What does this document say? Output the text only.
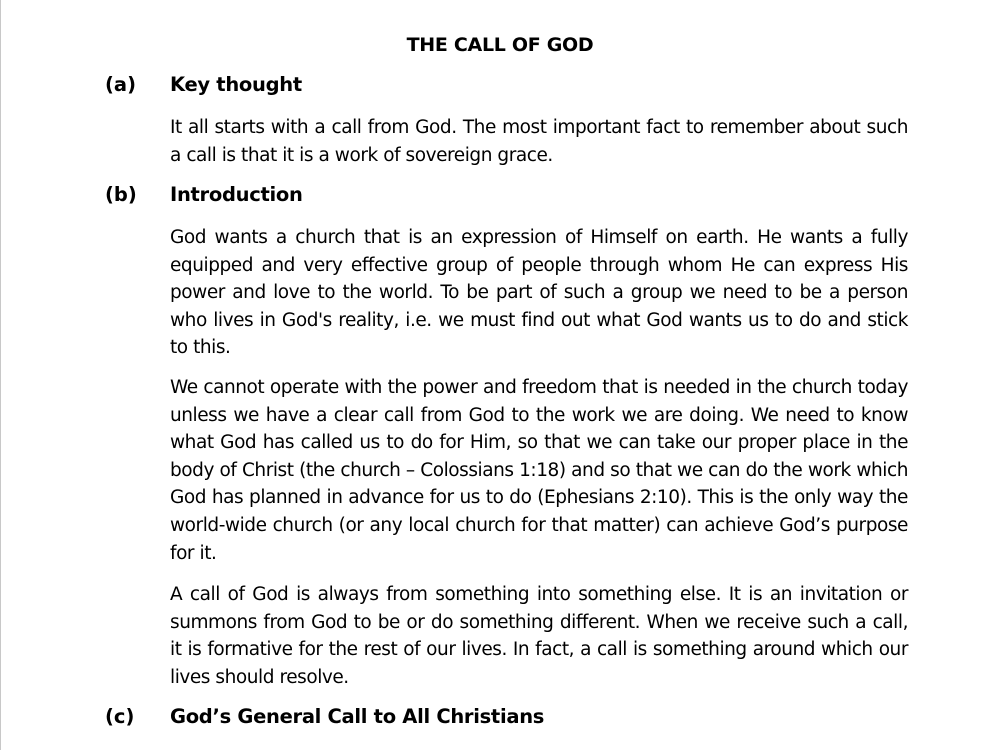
THE CALL OF GOD
(a) Key thought

It all starts with a call from God. The most important fact to remember about such a call is that it is a work of sovereign grace.

(b) Introduction

God wants a church that is an expression of Himself on earth. He wants a fully equipped and very effective group of people through whom He can express His power and love to the world. To be part of such a group we need to be a person who lives in God's reality, i.e. we must find out what God wants us to do and stick to this.

We cannot operate with the power and freedom that is needed in the church today unless we have a clear call from God to the work we are doing. We need to know what God has called us to do for Him, so that we can take our proper place in the body of Christ (the church – Colossians 1:18) and so that we can do the work which God has planned in advance for us to do (Ephesians 2:10). This is the only way the world-wide church (or any local church for that matter) can achieve God’s purpose for it.

A call of God is always from something into something else. It is an invitation or summons from God to be or do something different. When we receive such a call, it is formative for the rest of our lives. In fact, a call is something around which our lives should resolve.

(c) God’s General Call to All Christians
